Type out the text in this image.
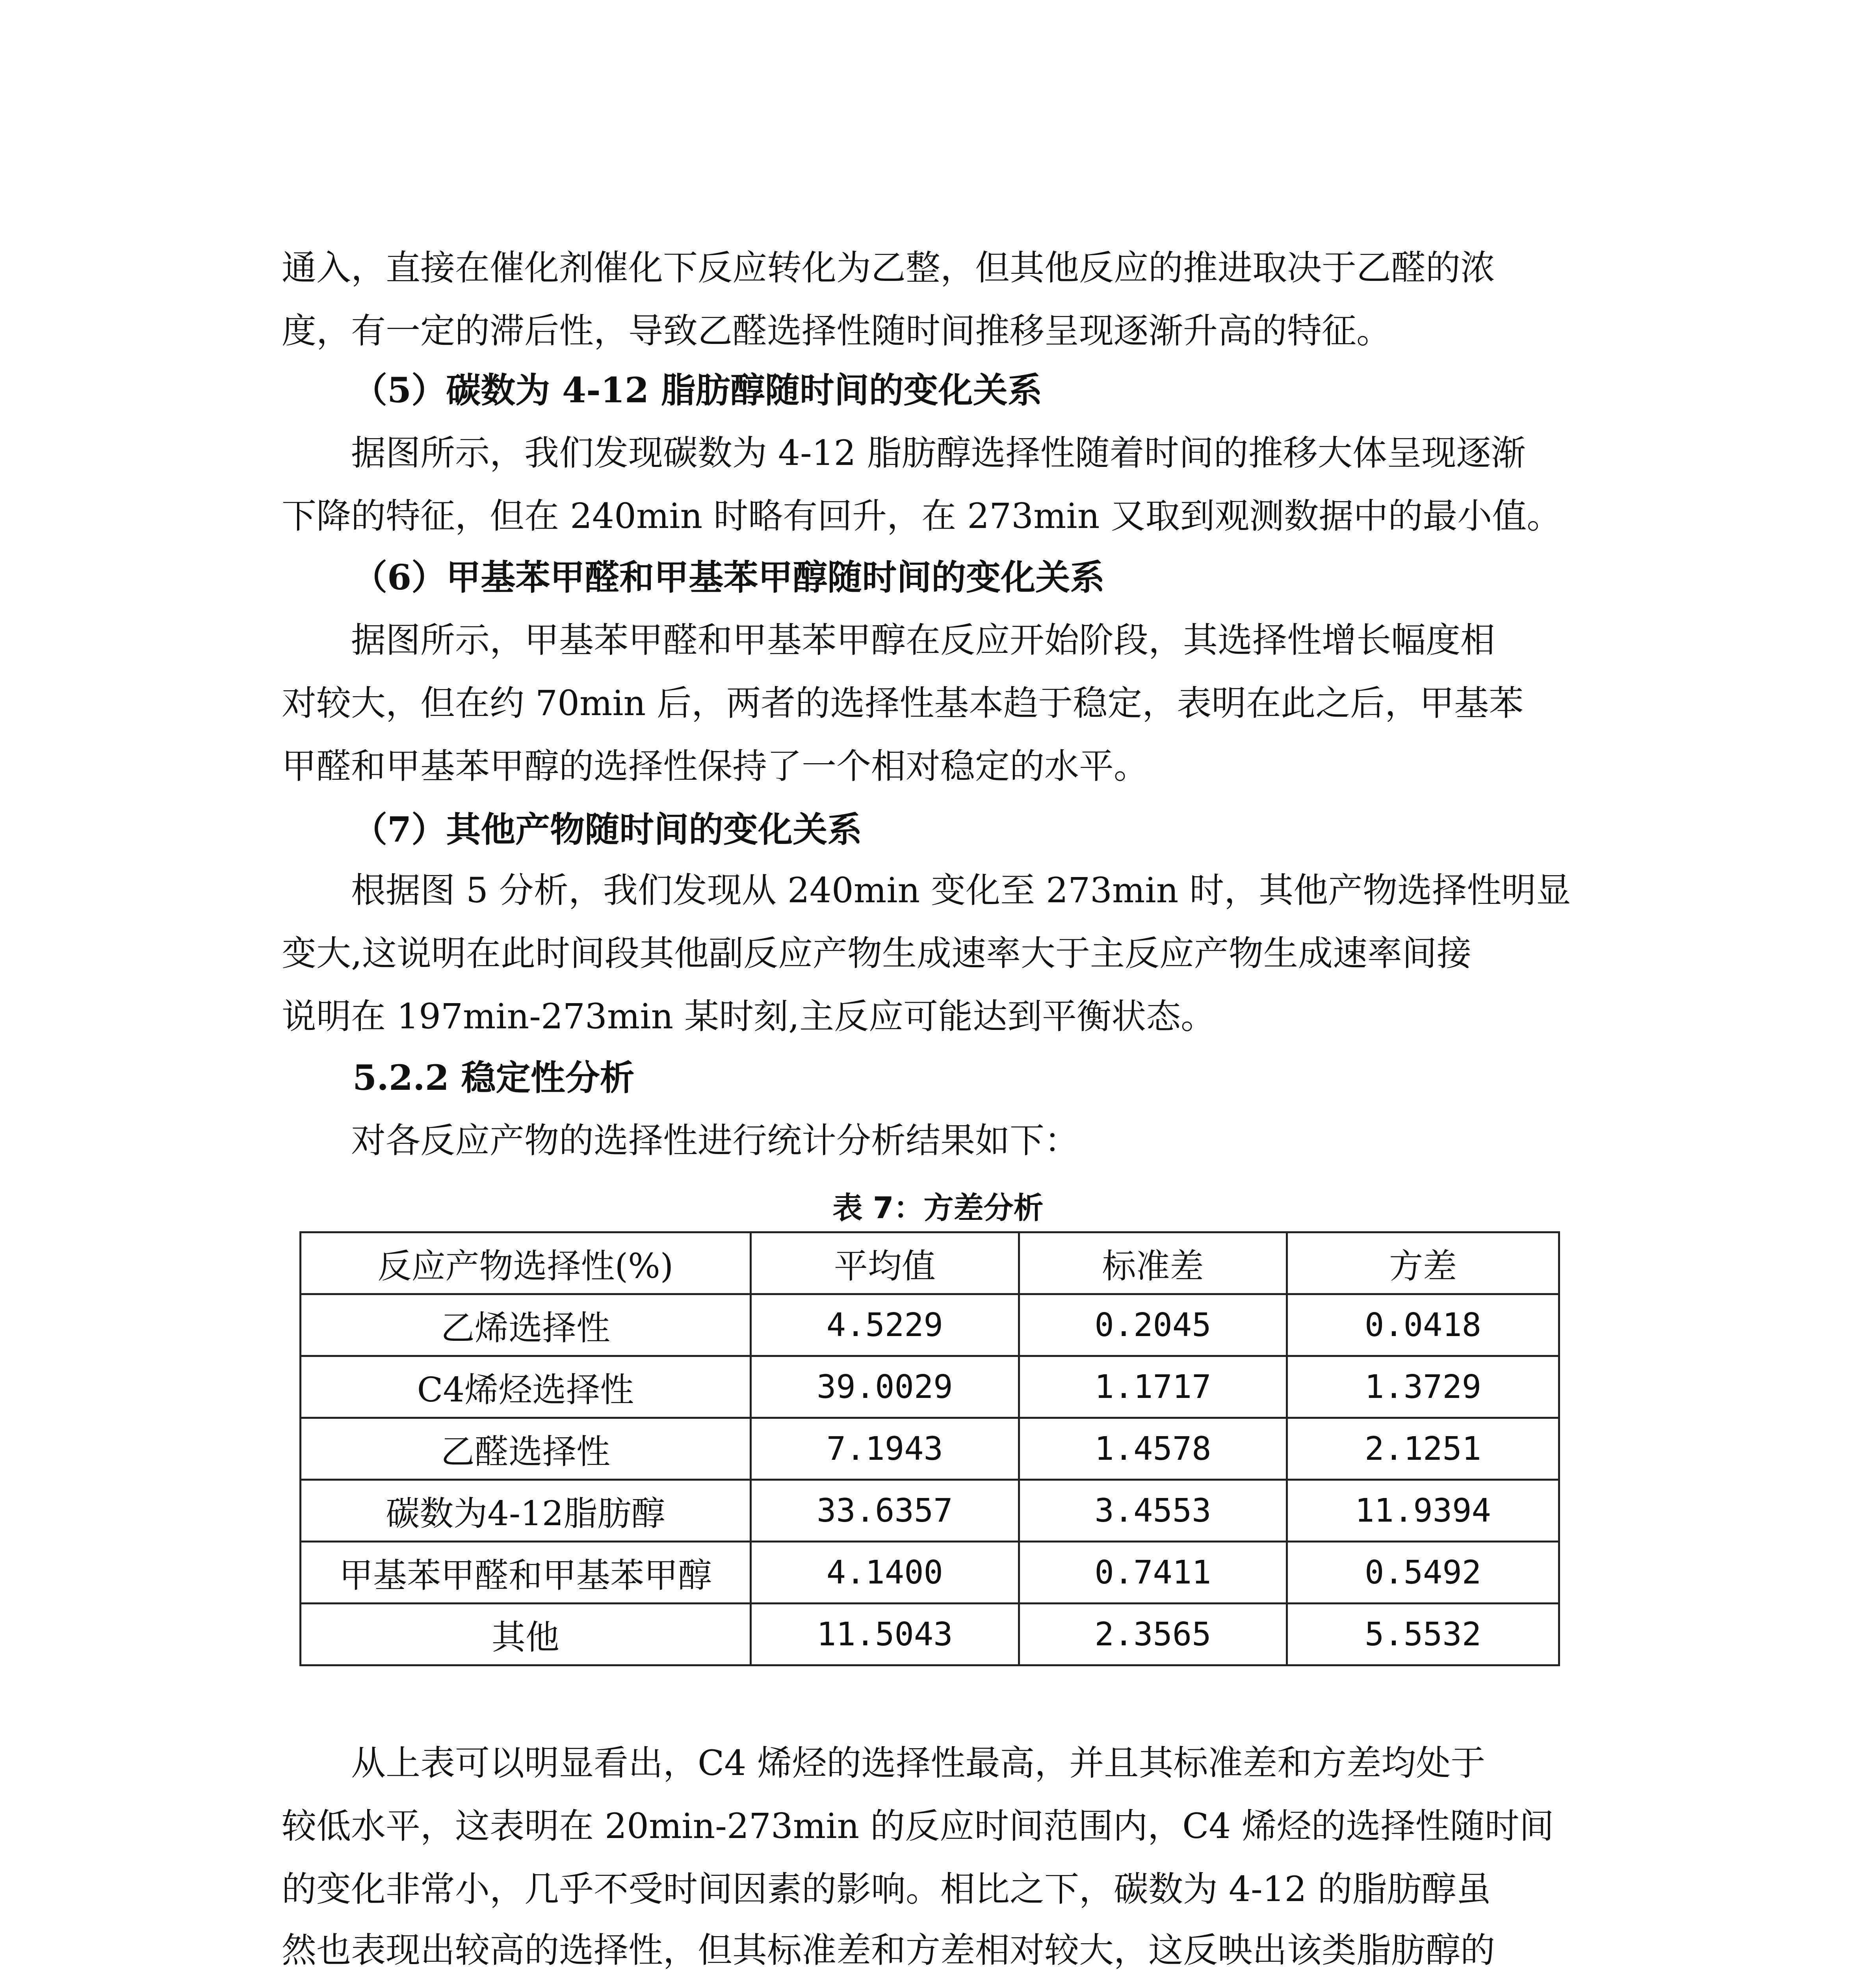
通入，直接在催化剂催化下反应转化为乙整，但其他反应的推进取决于乙醛的浓

度，有一定的滞后性，导致乙醛选择性随时间推移呈现逐渐升高的特征。

（5）碳数为 4-12 脂肪醇随时间的变化关系

据图所示，我们发现碳数为 4-12 脂肪醇选择性随着时间的推移大体呈现逐渐

下降的特征，但在 240min 时略有回升，在 273min 又取到观测数据中的最小值。

（6）甲基苯甲醛和甲基苯甲醇随时间的变化关系

据图所示，甲基苯甲醛和甲基苯甲醇在反应开始阶段，其选择性增长幅度相

对较大，但在约 70min 后，两者的选择性基本趋于稳定，表明在此之后，甲基苯

甲醛和甲基苯甲醇的选择性保持了一个相对稳定的水平。

（7）其他产物随时间的变化关系

根据图 5 分析，我们发现从 240min 变化至 273min 时，其他产物选择性明显

变大,这说明在此时间段其他副反应产物生成速率大于主反应产物生成速率间接

说明在 197min-273min 某时刻,主反应可能达到平衡状态。

5.2.2 稳定性分析

对各反应产物的选择性进行统计分析结果如下：

表 7：方差分析
反应产物选择性(%)	平均值	标准差	方差
乙烯选择性	4.5229	0.2045	0.0418
C4烯烃选择性	39.0029	1.1717	1.3729
乙醛选择性	7.1943	1.4578	2.1251
碳数为4-12脂肪醇	33.6357	3.4553	11.9394
甲基苯甲醛和甲基苯甲醇	4.1400	0.7411	0.5492
其他	11.5043	2.3565	5.5532

从上表可以明显看出，C4 烯烃的选择性最高，并且其标准差和方差均处于

较低水平，这表明在 20min-273min 的反应时间范围内，C4 烯烃的选择性随时间

的变化非常小，几乎不受时间因素的影响。相比之下，碳数为 4-12 的脂肪醇虽

然也表现出较高的选择性，但其标准差和方差相对较大，这反映出该类脂肪醇的
